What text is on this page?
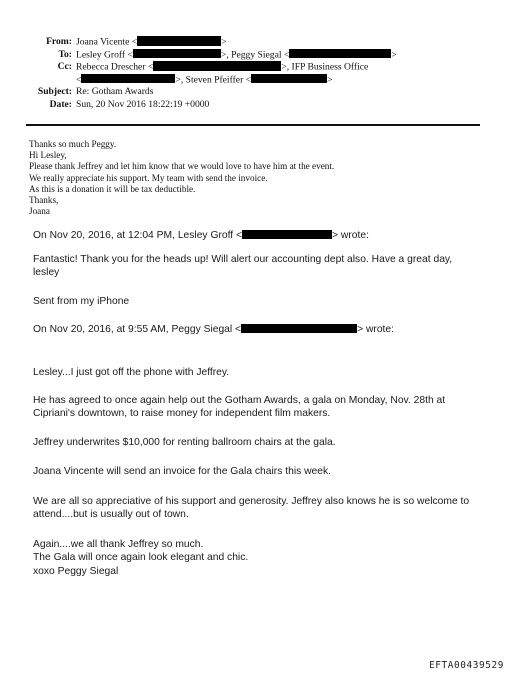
From: Joana Vicente <	>
To: Lesley Groff <	>, Peggy Siegal <	>
Cc: Rebecca Drescher <	>, IFP Business Office
<	>, Steven Pfeiffer <	>
Subject: Re: Gotham Awards
Date: Sun, 20 Nov 2016 18:22:19 +0000
Thanks so much Peggy.
Hi Lesley,
Please thank Jeffrey and let him know that we would love to have him at the event.
We really appreciate his support. My team with send the invoice.
As this is a donation it will be tax deductible.
Thanks,
Joana
On Nov 20, 2016, at 12:04 PM, Lesley Groff <	> wrote:
Fantastic! Thank you for the heads up! Will alert our accounting dept also. Have a great day,
lesley
Sent from my iPhone
On Nov 20, 2016, at 9:55 AM, Peggy Siegal <	> wrote:
Lesley...I just got off the phone with Jeffrey.
He has agreed to once again help out the Gotham Awards, a gala on Monday, Nov. 28th at
Cipriani's downtown, to raise money for independent film makers.
Jeffrey underwrites $10,000 for renting ballroom chairs at the gala.
Joana Vincente will send an invoice for the Gala chairs this week.
We are all so appreciative of his support and generosity. Jeffrey also knows he is so welcome to
attend....but is usually out of town.
Again....we all thank Jeffrey so much.
The Gala will once again look elegant and chic.
xoxo Peggy Siegal
EFTA00439529
